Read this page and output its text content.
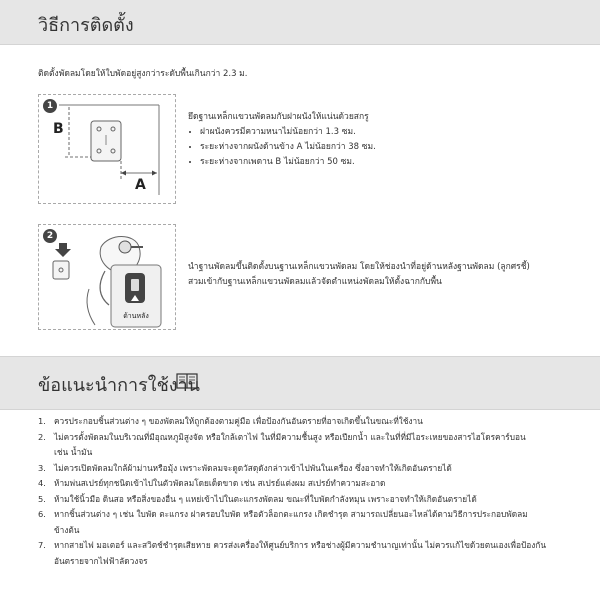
วิธีการติดตั้ง
ติดตั้งพัดลมโดยให้ใบพัดอยู่สูงกว่าระดับพื้นเกินกว่า 2.3 ม.
1
B
A
ยึดฐานเหล็กแขวนพัดลมกับฝาผนังให้แน่นด้วยสกรู
• ฝาผนังควรมีความหนาไม่น้อยกว่า 1.3 ซม.
• ระยะห่างจากผนังด้านข้าง A ไม่น้อยกว่า 38 ซม.
• ระยะห่างจากเพดาน B ไม่น้อยกว่า 50 ซม.
2
ด้านหลัง
นำฐานพัดลมขึ้นติดตั้งบนฐานเหล็กแขวนพัดลม โดยให้ช่องนำที่อยู่ด้านหลังฐานพัดลม (ลูกศรชี้)
สวมเข้ากับฐานเหล็กแขวนพัดลมแล้วจัดตำแหน่งพัดลมให้ตั้งฉากกับพื้น
ข้อแนะนำการใช้งาน
1. ควรประกอบชิ้นส่วนต่าง ๆ ของพัดลมให้ถูกต้องตามคู่มือ เพื่อป้องกันอันตรายที่อาจเกิดขึ้นในขณะที่ใช้งาน
2. ไม่ควรตั้งพัดลมในบริเวณที่มีอุณหภูมิสูงจัด หรือใกล้เตาไฟ ในที่มีความชื้นสูง หรือเปียกน้ำ และในที่ที่มีไอระเหยของสารไฮโดรคาร์บอน
เช่น น้ำมัน
3. ไม่ควรเปิดพัดลมใกล้ผ้าม่านหรือมุ้ง เพราะพัดลมจะดูดวัสดุดังกล่าวเข้าไปพันในเครื่อง ซึ่งอาจทำให้เกิดอันตรายได้
4. ห้ามพ่นสเปรย์ทุกชนิดเข้าไปในตัวพัดลมโดยเด็ดขาด เช่น สเปรย์แต่งผม สเปรย์ทำความสะอาด
5. ห้ามใช้นิ้วมือ ดินสอ หรือสิ่งของอื่น ๆ แหย่เข้าไปในตะแกรงพัดลม ขณะที่ใบพัดกำลังหมุน เพราะอาจทำให้เกิดอันตรายได้
6. หากชิ้นส่วนต่าง ๆ เช่น ใบพัด ตะแกรง ฝาครอบใบพัด หรือตัวล็อกตะแกรง เกิดชำรุด สามารถเปลี่ยนอะไหล่ได้ตามวิธีการประกอบพัดลม
ข้างต้น
7. หากสายไฟ มอเตอร์ และสวิตช์ชำรุดเสียหาย ควรส่งเครื่องให้ศูนย์บริการ หรือช่างผู้มีความชำนาญเท่านั้น ไม่ควรแก้ไขด้วยตนเองเพื่อป้องกัน
อันตรายจากไฟฟ้าลัดวงจร
